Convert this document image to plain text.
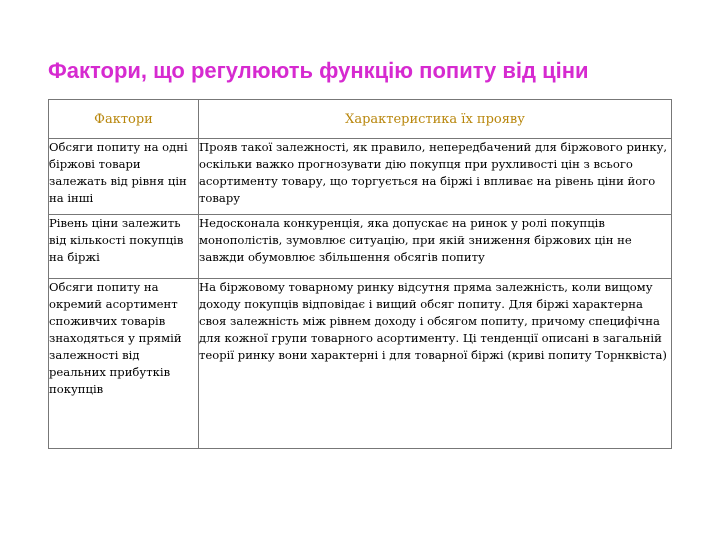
Фактори, що регулюють функцію попиту від ціни
Фактори	Характеристика їх прояву
Обсяги попиту на одні біржові товари залежать від рівня цін на інші	Прояв такої залежності, як правило, непередбачений для біржового ринку, оскільки важко прогнозувати дію покупця при рухливості цін з всього асортименту товару, що торгується на біржі і впливає на рівень ціни його товару
Рівень ціни залежить від кількості покупців на біржі	Недосконала конкуренція, яка допускає на ринок у ролі покупців монополістів, зумовлює ситуацію, при якій зниження біржових цін не завжди обумовлює збільшення обсягів попиту
Обсяги попиту на окремий асортимент споживчих товарів знаходяться у прямій залежності від реальних прибутків покупців	На біржовому товарному ринку відсутня пряма залежність, коли вищому доходу покупців відповідає і вищий обсяг попиту. Для біржі характерна своя залежність між рівнем доходу і обсягом попиту, причому специфічна для кожної групи товарного асортименту. Ці тенденції описані в загальній теорії ринку вони характерні і для товарної біржі (криві попиту Торнквіста)
